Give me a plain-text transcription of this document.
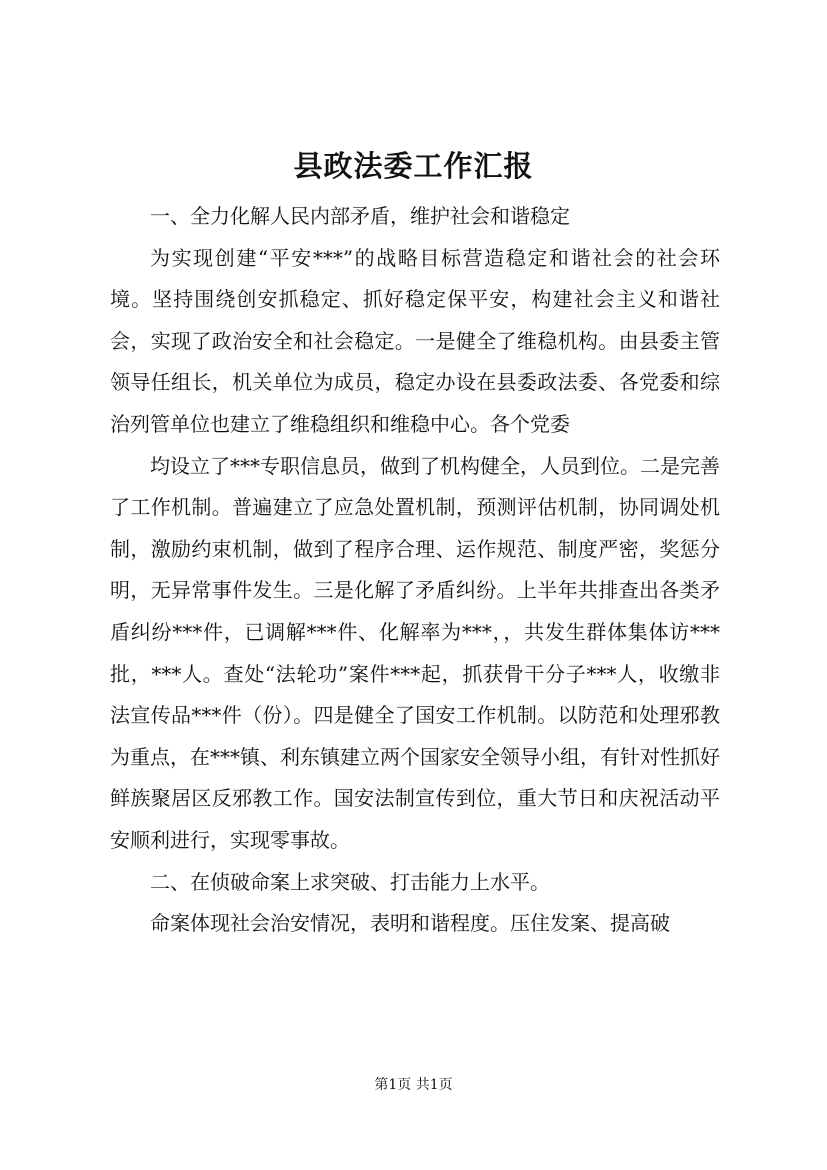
县政法委工作汇报

一、全力化解人民内部矛盾，维护社会和谐稳定

为实现创建“平安***”的战略目标营造稳定和谐社会的社会环境。坚持围绕创安抓稳定、抓好稳定保平安，构建社会主义和谐社会，实现了政治安全和社会稳定。一是健全了维稳机构。由县委主管领导任组长，机关单位为成员，稳定办设在县委政法委、各党委和综治列管单位也建立了维稳组织和维稳中心。各个党委

均设立了***专职信息员，做到了机构健全，人员到位。二是完善了工作机制。普遍建立了应急处置机制，预测评估机制，协同调处机制，激励约束机制，做到了程序合理、运作规范、制度严密，奖惩分明，无异常事件发生。三是化解了矛盾纠纷。上半年共排查出各类矛盾纠纷***件，已调解***件、化解率为***，，共发生群体集体访***批，***人。查处“法轮功”案件***起，抓获骨干分子***人，收缴非法宣传品***件（份）。四是健全了国安工作机制。以防范和处理邪教为重点，在***镇、利东镇建立两个国家安全领导小组，有针对性抓好鲜族聚居区反邪教工作。国安法制宣传到位，重大节日和庆祝活动平安顺利进行，实现零事故。

二、在侦破命案上求突破、打击能力上水平。

命案体现社会治安情况，表明和谐程度。压住发案、提高破

第1页 共1页
